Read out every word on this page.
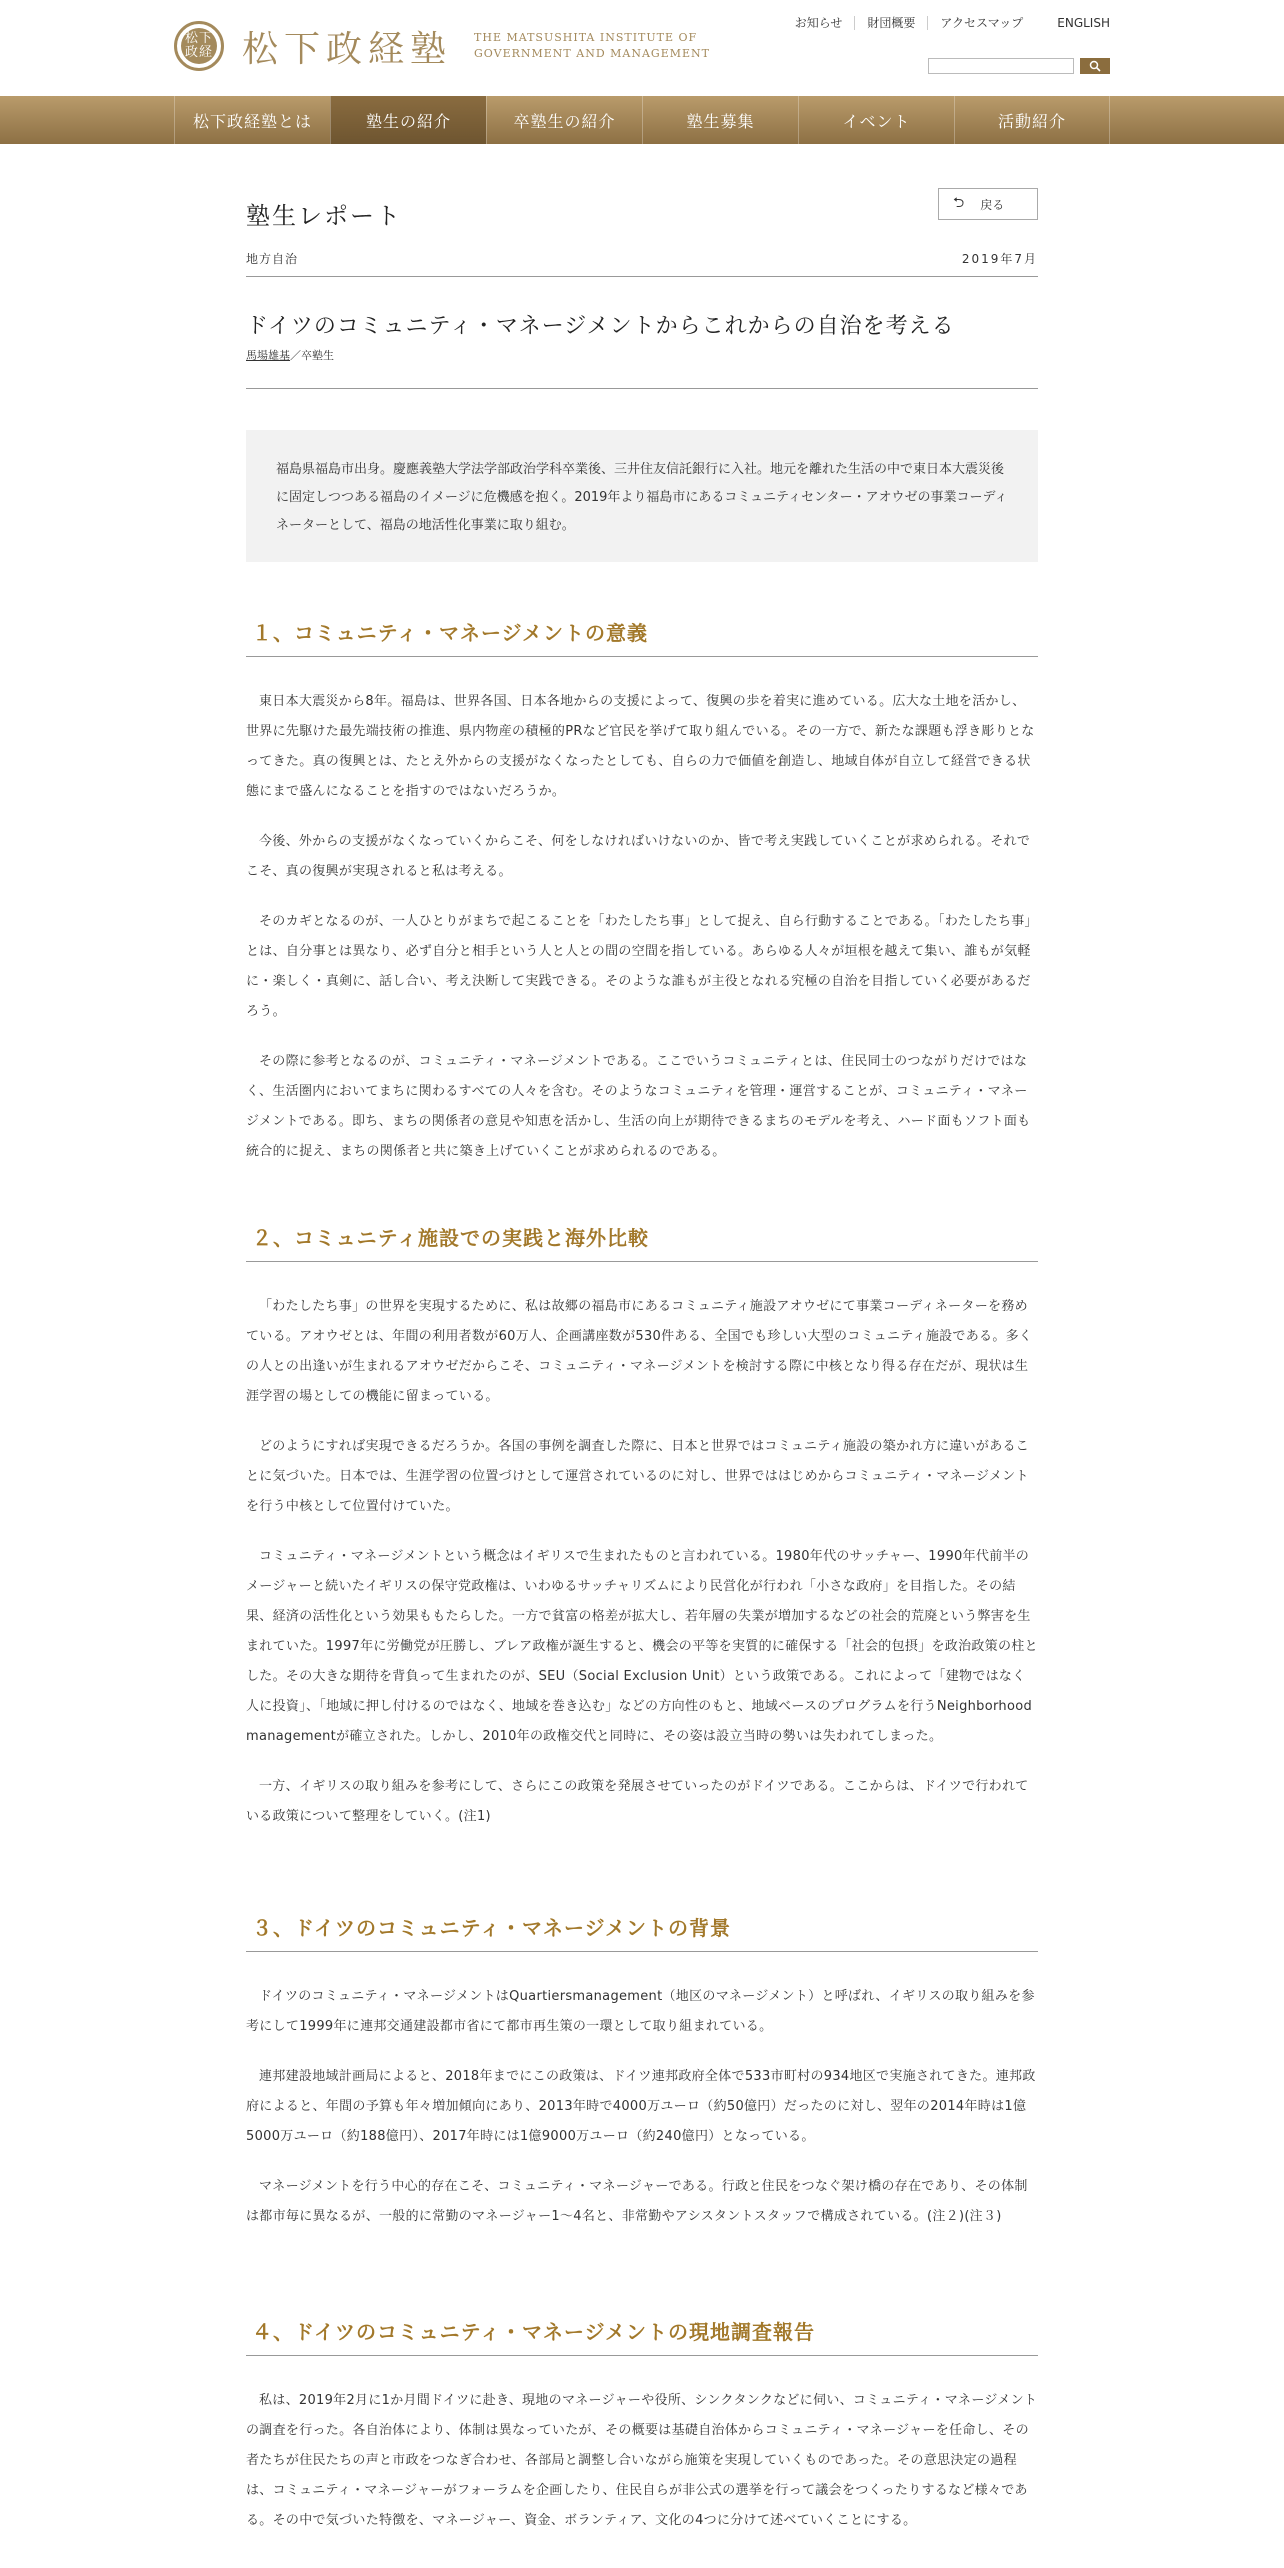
松下
政経 松下政経塾 THE MATSUSHITA INSTITUTE OF
GOVERNMENT AND MANAGEMENT
お知らせ	財団概要	アクセスマップ	ENGLISH
松下政経塾とは	塾生の紹介	卒塾生の紹介	塾生募集	イベント	活動紹介
塾生レポート	⮌ 戻る
地方自治	2019年7月
ドイツのコミュニティ・マネージメントからこれからの自治を考える
馬場雄基／卒塾生
福島県福島市出身。慶應義塾大学法学部政治学科卒業後、三井住友信託銀行に入社。地元を離れた生活の中で東日本大震災後に固定しつつある福島のイメージに危機感を抱く。2019年より福島市にあるコミュニティセンター・アオウゼの事業コーディネーターとして、福島の地活性化事業に取り組む。
１、コミュニティ・マネージメントの意義

東日本大震災から8年。福島は、世界各国、日本各地からの支援によって、復興の歩を着実に進めている。広大な土地を活かし、世界に先駆けた最先端技術の推進、県内物産の積極的PRなど官民を挙げて取り組んでいる。その一方で、新たな課題も浮き彫りとなってきた。真の復興とは、たとえ外からの支援がなくなったとしても、自らの力で価値を創造し、地域自体が自立して経営できる状態にまで盛んになることを指すのではないだろうか。

今後、外からの支援がなくなっていくからこそ、何をしなければいけないのか、皆で考え実践していくことが求められる。それでこそ、真の復興が実現されると私は考える。

そのカギとなるのが、一人ひとりがまちで起こることを「わたしたち事」として捉え、自ら行動することである。「わたしたち事」とは、自分事とは異なり、必ず自分と相手という人と人との間の空間を指している。あらゆる人々が垣根を越えて集い、誰もが気軽に・楽しく・真剣に、話し合い、考え決断して実践できる。そのような誰もが主役となれる究極の自治を目指していく必要があるだろう。

その際に参考となるのが、コミュニティ・マネージメントである。ここでいうコミュニティとは、住民同士のつながりだけではなく、生活圏内においてまちに関わるすべての人々を含む。そのようなコミュニティを管理・運営することが、コミュニティ・マネージメントである。即ち、まちの関係者の意見や知恵を活かし、生活の向上が期待できるまちのモデルを考え、ハード面もソフト面も統合的に捉え、まちの関係者と共に築き上げていくことが求められるのである。

２、コミュニティ施設での実践と海外比較

「わたしたち事」の世界を実現するために、私は故郷の福島市にあるコミュニティ施設アオウゼにて事業コーディネーターを務めている。アオウゼとは、年間の利用者数が60万人、企画講座数が530件ある、全国でも珍しい大型のコミュニティ施設である。多くの人との出逢いが生まれるアオウゼだからこそ、コミュニティ・マネージメントを検討する際に中核となり得る存在だが、現状は生涯学習の場としての機能に留まっている。

どのようにすれば実現できるだろうか。各国の事例を調査した際に、日本と世界ではコミュニティ施設の築かれ方に違いがあることに気づいた。日本では、生涯学習の位置づけとして運営されているのに対し、世界でははじめからコミュニティ・マネージメントを行う中核として位置付けていた。

コミュニティ・マネージメントという概念はイギリスで生まれたものと言われている。1980年代のサッチャー、1990年代前半のメージャーと続いたイギリスの保守党政権は、いわゆるサッチャリズムにより民営化が行われ「小さな政府」を目指した。その結果、経済の活性化という効果ももたらした。一方で貧富の格差が拡大し、若年層の失業が増加するなどの社会的荒廃という弊害を生まれていた。1997年に労働党が圧勝し、ブレア政権が誕生すると、機会の平等を実質的に確保する「社会的包摂」を政治政策の柱とした。その大きな期待を背負って生まれたのが、SEU（Social Exclusion Unit）という政策である。これによって「建物ではなく人に投資」、「地域に押し付けるのではなく、地域を巻き込む」などの方向性のもと、地域ベースのプログラムを行うNeighborhood managementが確立された。しかし、2010年の政権交代と同時に、その姿は設立当時の勢いは失われてしまった。

一方、イギリスの取り組みを参考にして、さらにこの政策を発展させていったのがドイツである。ここからは、ドイツで行われている政策について整理をしていく。(注1)

３、ドイツのコミュニティ・マネージメントの背景

ドイツのコミュニティ・マネージメントはQuartiersmanagement（地区のマネージメント）と呼ばれ、イギリスの取り組みを参考にして1999年に連邦交通建設都市省にて都市再生策の一環として取り組まれている。

連邦建設地域計画局によると、2018年までにこの政策は、ドイツ連邦政府全体で533市町村の934地区で実施されてきた。連邦政府によると、年間の予算も年々増加傾向にあり、2013年時で4000万ユーロ（約50億円）だったのに対し、翌年の2014年時は1億5000万ユーロ（約188億円）、2017年時には1億9000万ユーロ（約240億円）となっている。

マネージメントを行う中心的存在こそ、コミュニティ・マネージャーである。行政と住民をつなぐ架け橋の存在であり、その体制は都市毎に異なるが、一般的に常勤のマネージャー1～4名と、非常勤やアシスタントスタッフで構成されている。(注２)(注３)

４、ドイツのコミュニティ・マネージメントの現地調査報告

私は、2019年2月に1か月間ドイツに赴き、現地のマネージャーや役所、シンクタンクなどに伺い、コミュニティ・マネージメントの調査を行った。各自治体により、体制は異なっていたが、その概要は基礎自治体からコミュニティ・マネージャーを任命し、その者たちが住民たちの声と市政をつなぎ合わせ、各部局と調整し合いながら施策を実現していくものであった。その意思決定の過程は、コミュニティ・マネージャーがフォーラムを企画したり、住民自らが非公式の選挙を行って議会をつくったりするなど様々である。その中で気づいた特徴を、マネージャー、資金、ボランティア、文化の4つに分けて述べていくことにする。
